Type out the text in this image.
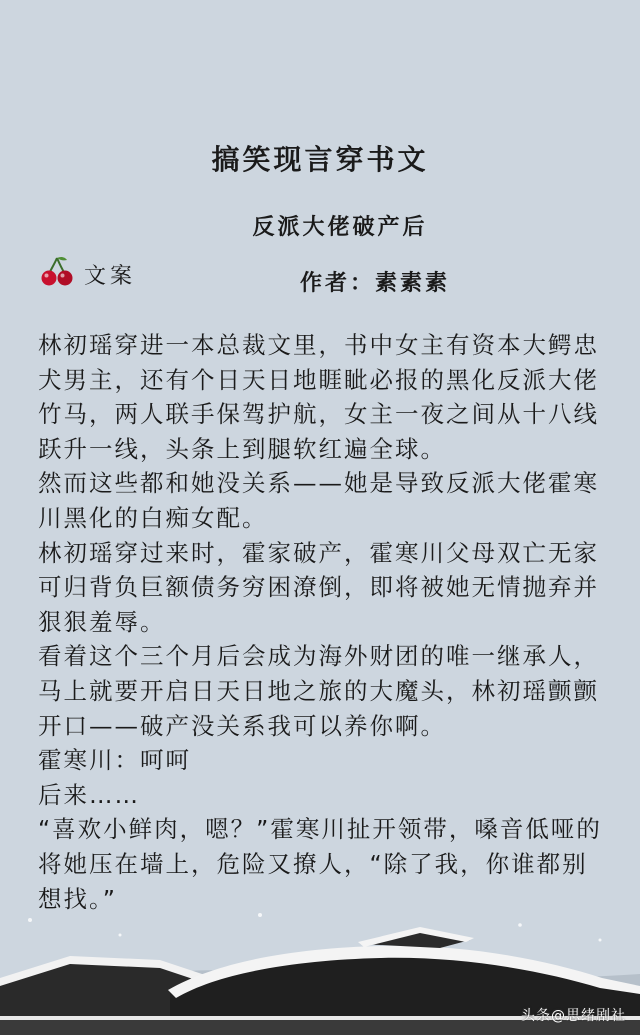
搞笑现言穿书文
反派大佬破产后
文案	作者：素素素

林初瑶穿进一本总裁文里，书中女主有资本大鳄忠犬男主，还有个日天日地睚眦必报的黑化反派大佬竹马，两人联手保驾护航，女主一夜之间从十八线跃升一线，头条上到腿软红遍全球。

然而这些都和她没关系——她是导致反派大佬霍寒川黑化的白痴女配。

林初瑶穿过来时，霍家破产，霍寒川父母双亡无家可归背负巨额债务穷困潦倒，即将被她无情抛弃并狠狠羞辱。

看着这个三个月后会成为海外财团的唯一继承人，马上就要开启日天日地之旅的大魔头，林初瑶颤颤开口——破产没关系我可以养你啊。

霍寒川：呵呵

后来……

“喜欢小鲜肉，嗯？”霍寒川扯开领带，嗓音低哑的将她压在墙上，危险又撩人，“除了我，你谁都别想找。”

头条@思绪剧社
